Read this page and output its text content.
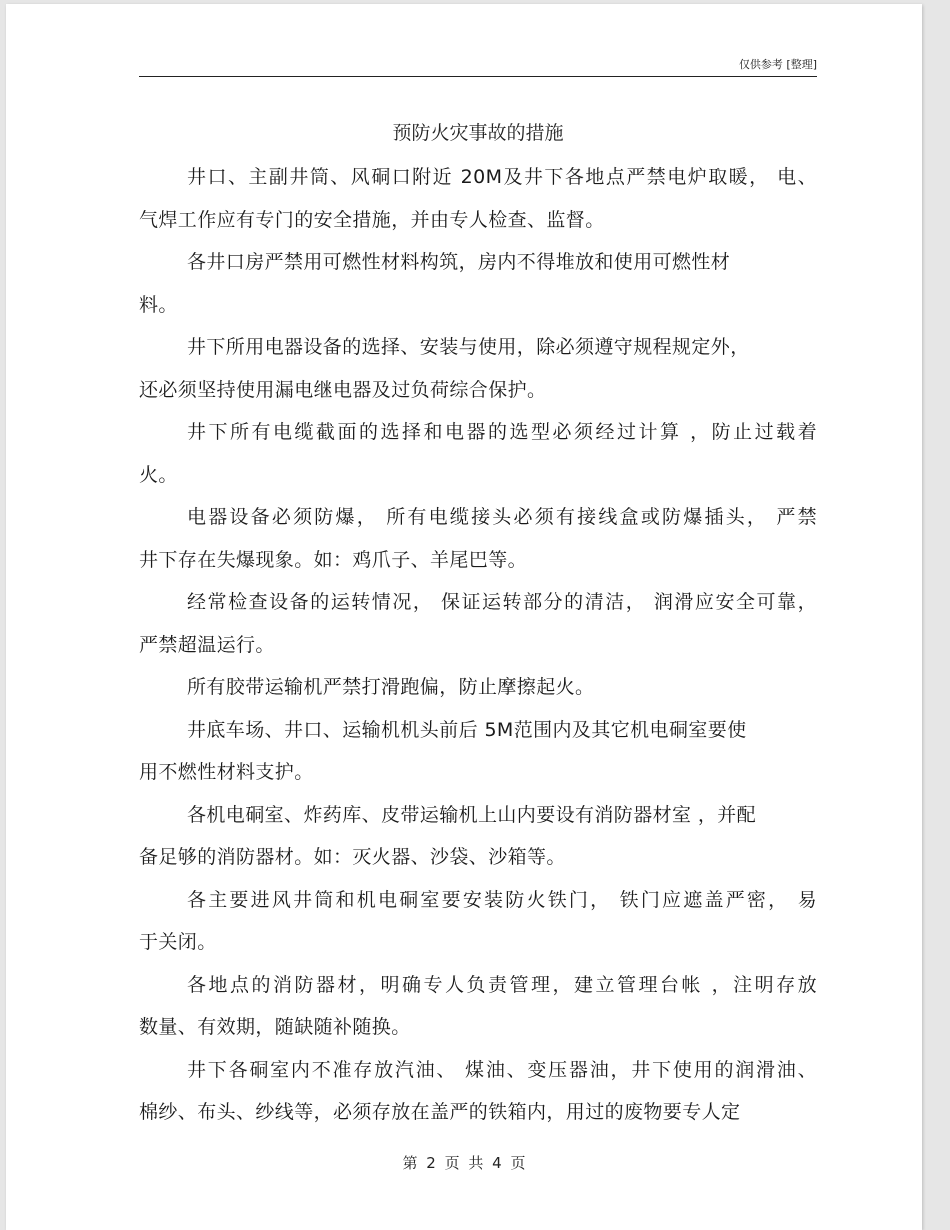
仅供参考 [整理]
预防火灾事故的措施
井口、主副井筒、风硐口附近 20M及井下各地点严禁电炉取暖， 电、
气焊工作应有专门的安全措施，并由专人检查、监督。
各井口房严禁用可燃性材料构筑，房内不得堆放和使用可燃性材
料。
井下所用电器设备的选择、安装与使用，除必须遵守规程规定外，
还必须坚持使用漏电继电器及过负荷综合保护。
井下所有电缆截面的选择和电器的选型必须经过计算 ，防止过载着
火。
电器设备必须防爆， 所有电缆接头必须有接线盒或防爆插头， 严禁
井下存在失爆现象。如：鸡爪子、羊尾巴等。
经常检查设备的运转情况， 保证运转部分的清洁， 润滑应安全可靠，
严禁超温运行。
所有胶带运输机严禁打滑跑偏，防止摩擦起火。
井底车场、井口、运输机机头前后 5M范围内及其它机电硐室要使
用不燃性材料支护。
各机电硐室、炸药库、皮带运输机上山内要设有消防器材室 ，并配
备足够的消防器材。如：灭火器、沙袋、沙箱等。
各主要进风井筒和机电硐室要安装防火铁门， 铁门应遮盖严密， 易
于关闭。
各地点的消防器材，明确专人负责管理，建立管理台帐 ，注明存放
数量、有效期，随缺随补随换。
井下各硐室内不准存放汽油、 煤油、变压器油，井下使用的润滑油、
棉纱、布头、纱线等，必须存放在盖严的铁箱内，用过的废物要专人定
第 2 页 共 4 页
